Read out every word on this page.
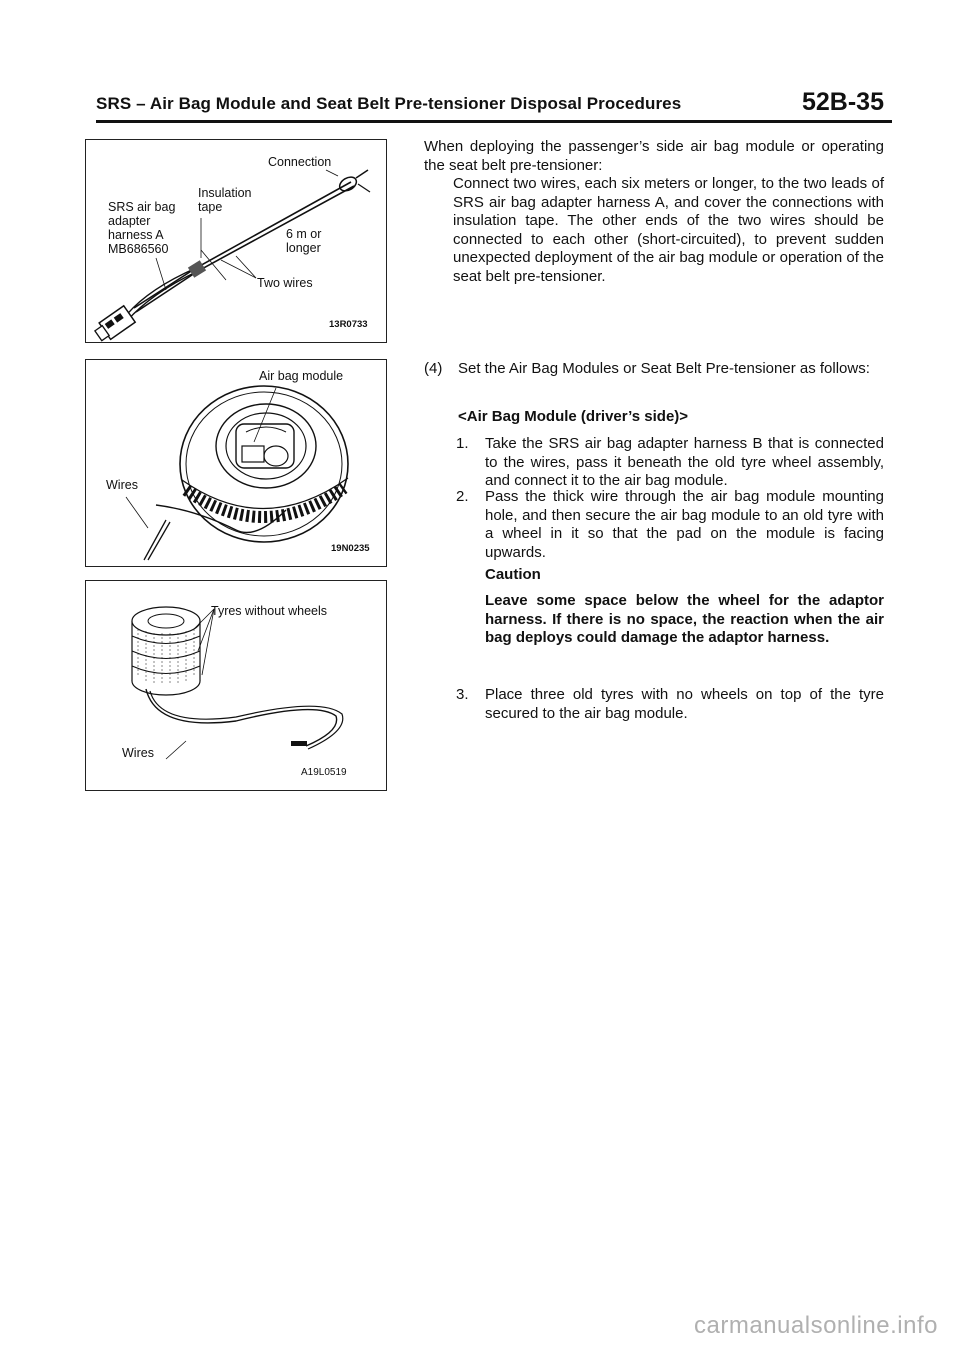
SRS – Air Bag Module and Seat Belt Pre-tensioner Disposal Procedures	52B-35
Connection
Insulation
tape
SRS air bag
adapter
harness A
MB686560
6 m or
longer
Two wires
13R0733
Air bag module
Wires
19N0235
Tyres without wheels
Wires
A19L0519

When deploying the passenger’s side air bag module or operating the seat belt pre-tensioner:

Connect two wires, each six meters or longer, to the two leads of SRS air bag adapter harness A, and cover the connections with insulation tape. The other ends of the two wires should be connected to each other (short-circuited), to prevent sudden unexpected deployment of the air bag module or operation of the seat belt pre-tensioner.

(4) Set the Air Bag Modules or Seat Belt Pre-tensioner as follows:
<Air Bag Module (driver’s side)>
1. Take the SRS air bag adapter harness B that is connected to the wires, pass it beneath the old tyre wheel assembly, and connect it to the air bag module.
2. Pass the thick wire through the air bag module mounting hole, and then secure the air bag module to an old tyre with a wheel in it so that the pad on the module is facing upwards.
Caution
Leave some space below the wheel for the adaptor harness. If there is no space, the reaction when the air bag deploys could damage the adaptor harness.
3. Place three old tyres with no wheels on top of the tyre secured to the air bag module.
carmanualsonline.info
